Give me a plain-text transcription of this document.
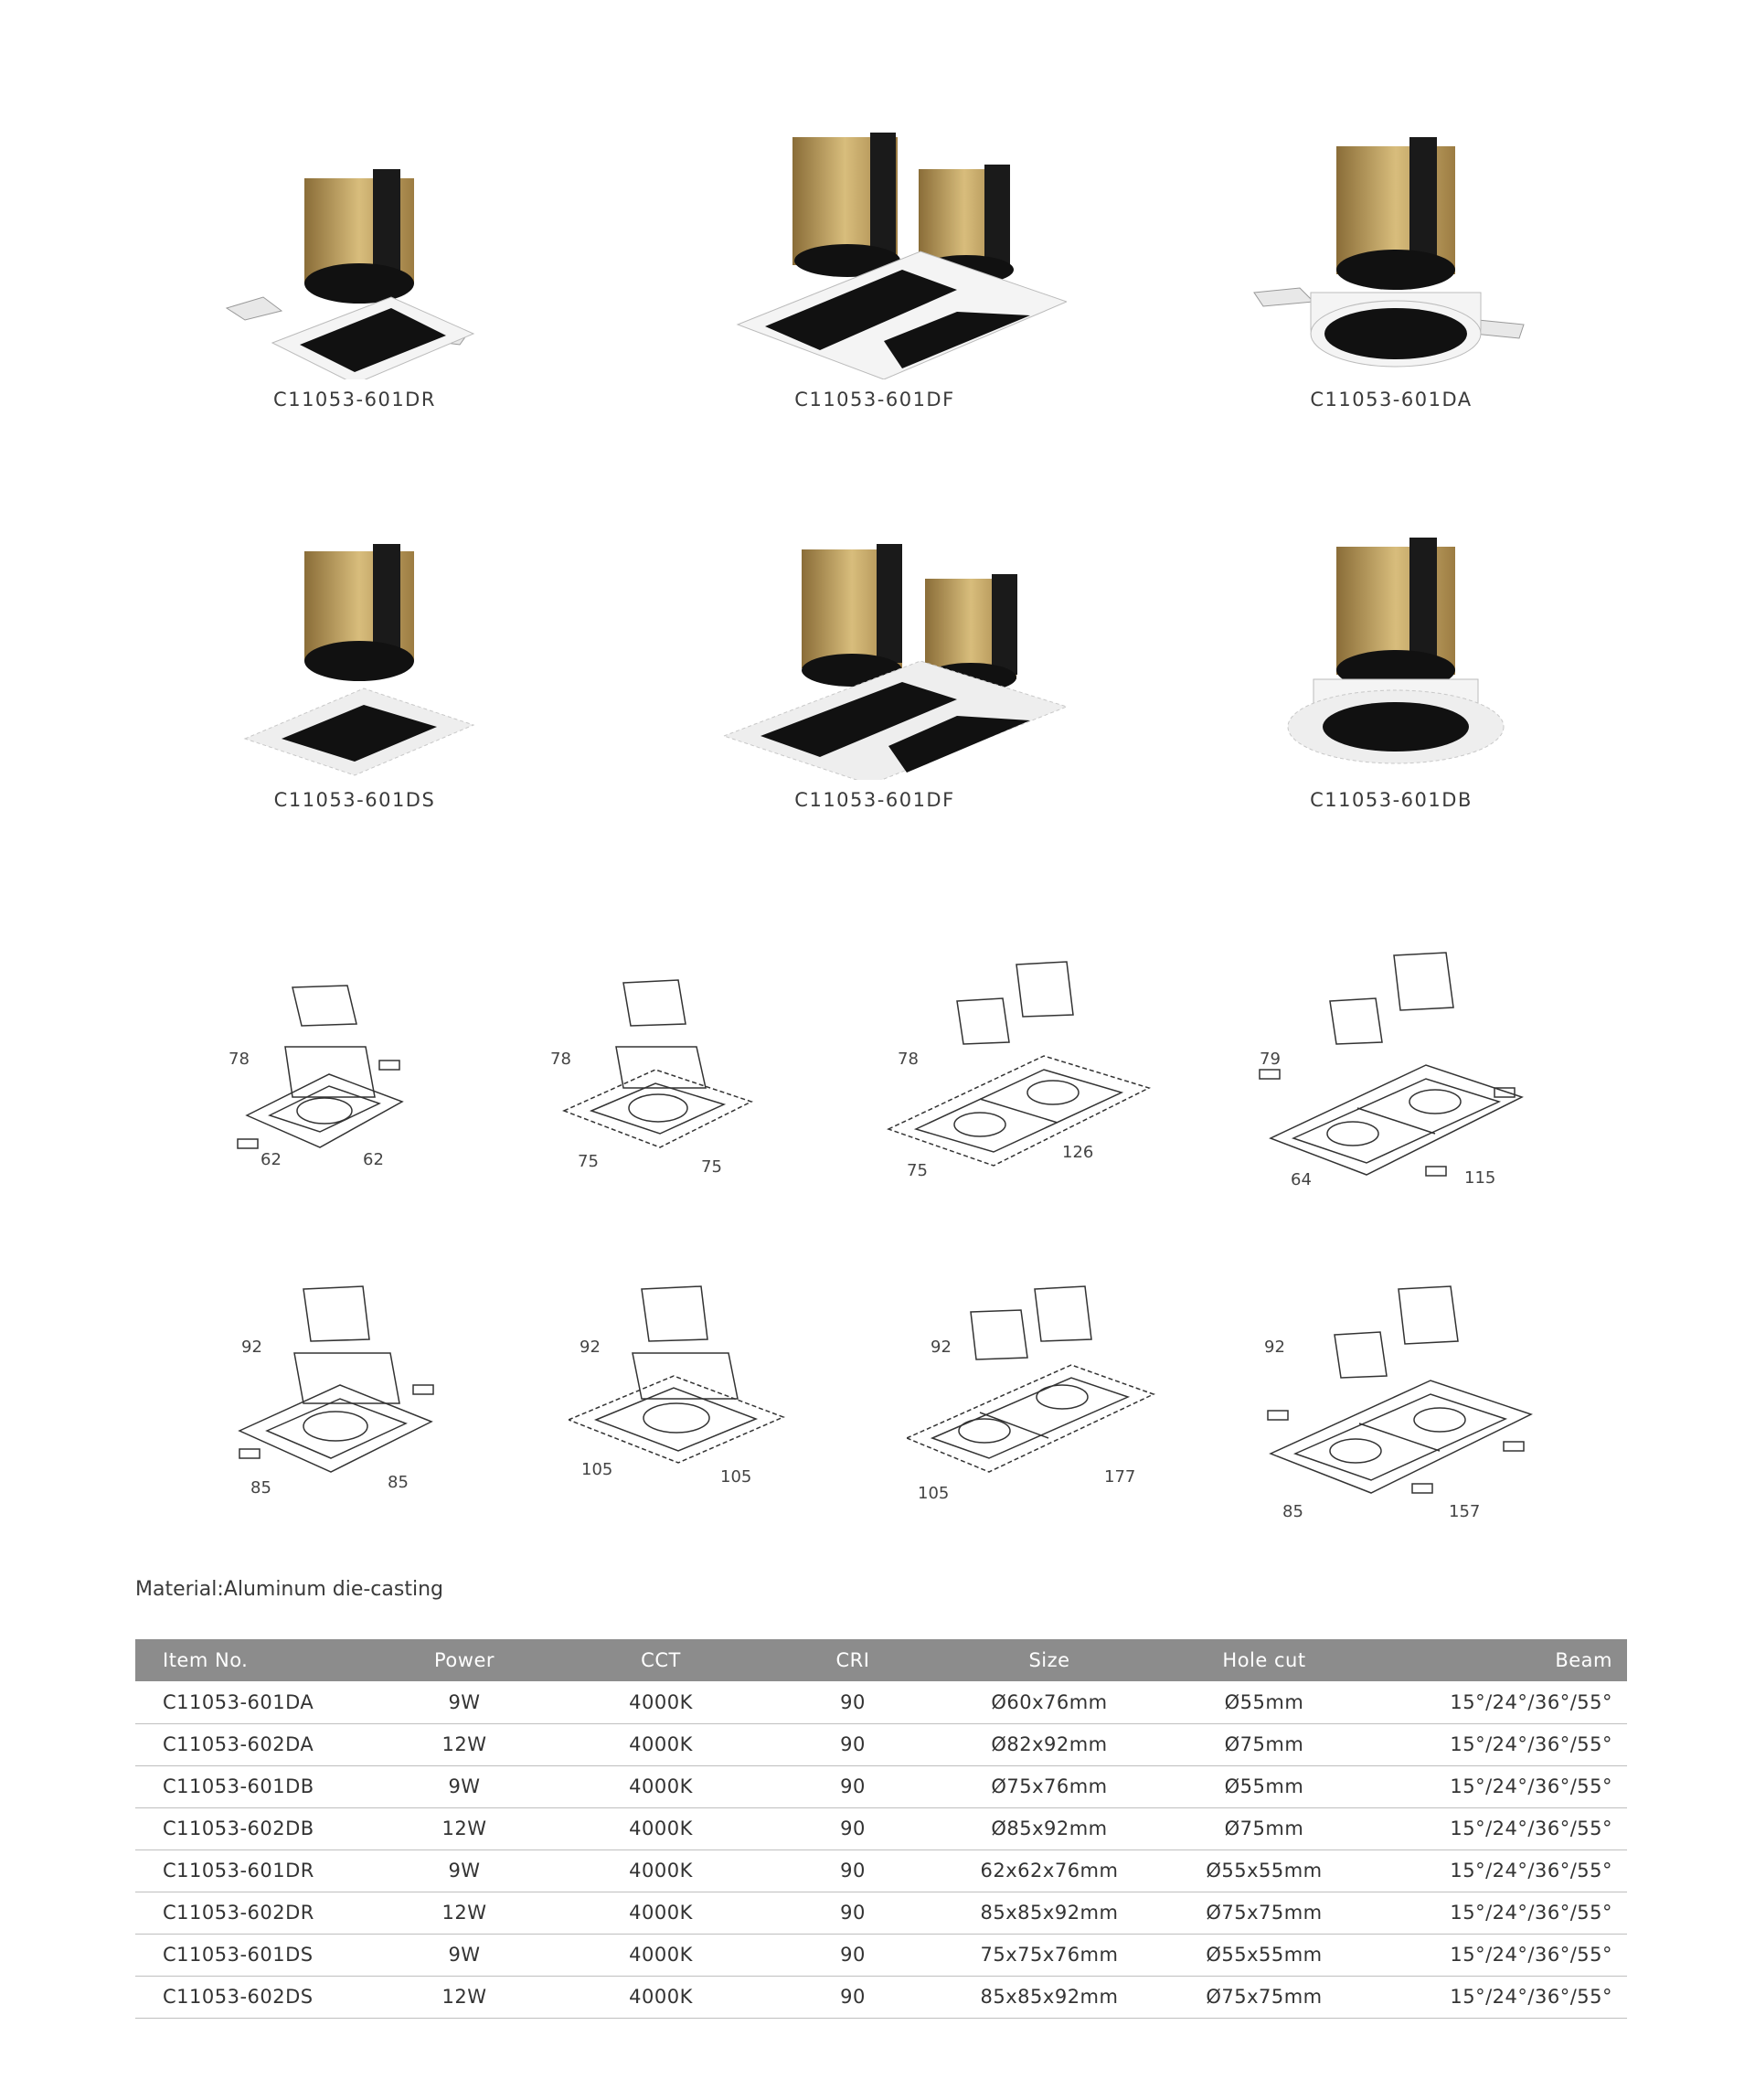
C11053-601DR	C11053-601DF	C11053-601DA
C11053-601DS	C11053-601DF	C11053-601DB
78
62	62
78
75	75
78
75
126
79
64	115
92
85	85
92
105	105
92
105
177
92
85	157
Material:Aluminum die-casting
Item No.	Power	CCT	CRI	Size	Hole cut	Beam
C11053-601DA	9W	4000K	90	Ø60x76mm	Ø55mm	15°/24°/36°/55°
C11053-602DA	12W	4000K	90	Ø82x92mm	Ø75mm	15°/24°/36°/55°
C11053-601DB	9W	4000K	90	Ø75x76mm	Ø55mm	15°/24°/36°/55°
C11053-602DB	12W	4000K	90	Ø85x92mm	Ø75mm	15°/24°/36°/55°
C11053-601DR	9W	4000K	90	62x62x76mm	Ø55x55mm	15°/24°/36°/55°
C11053-602DR	12W	4000K	90	85x85x92mm	Ø75x75mm	15°/24°/36°/55°
C11053-601DS	9W	4000K	90	75x75x76mm	Ø55x55mm	15°/24°/36°/55°
C11053-602DS	12W	4000K	90	85x85x92mm	Ø75x75mm	15°/24°/36°/55°
